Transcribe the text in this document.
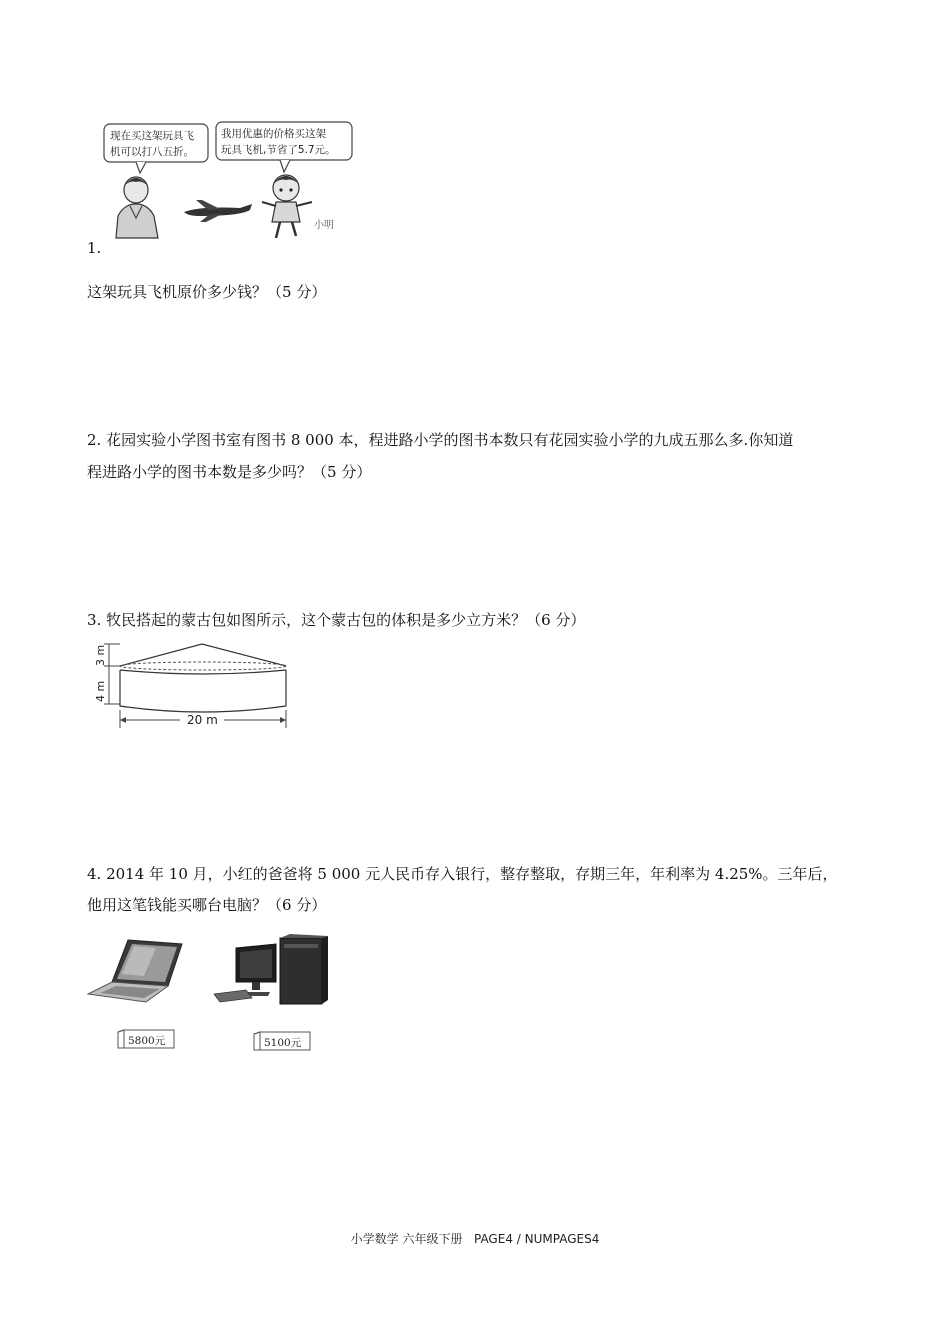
现在买这架玩具飞
机可以打八五折。
我用优惠的价格买这架
玩具飞机,节省了5.7元。
小明
1.
这架玩具飞机原价多少钱？（5 分）
2. 花园实验小学图书室有图书 8 000 本，程进路小学的图书本数只有花园实验小学的九成五那么多.你知道
程进路小学的图书本数是多少吗？（5 分）
3. 牧民搭起的蒙古包如图所示，这个蒙古包的体积是多少立方米？（6 分）
3 m
4 m
20 m
4. 2014 年 10 月，小红的爸爸将 5 000 元人民币存入银行，整存整取，存期三年，年利率为 4.25%。三年后，
他用这笔钱能买哪台电脑？（6 分）
5800元	5100元
小学数学 六年级下册 PAGE4 / NUMPAGES4
